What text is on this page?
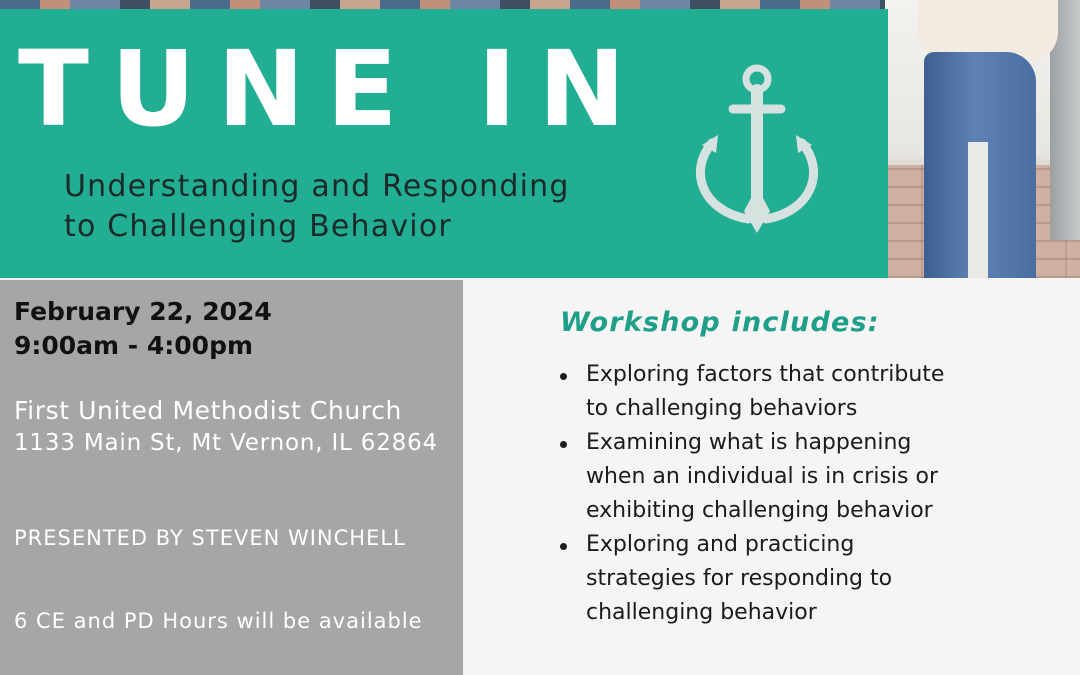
TUNE IN
Understanding and Responding
to Challenging Behavior

February 22, 2024

9:00am - 4:00pm

First United Methodist Church

1133 Main St, Mt Vernon, IL 62864

PRESENTED BY STEVEN WINCHELL

6 CE and PD Hours will be available

Workshop includes:
Exploring factors that contribute
to challenging behaviors
Examining what is happening
when an individual is in crisis or
exhibiting challenging behavior
Exploring and practicing
strategies for responding to
challenging behavior
